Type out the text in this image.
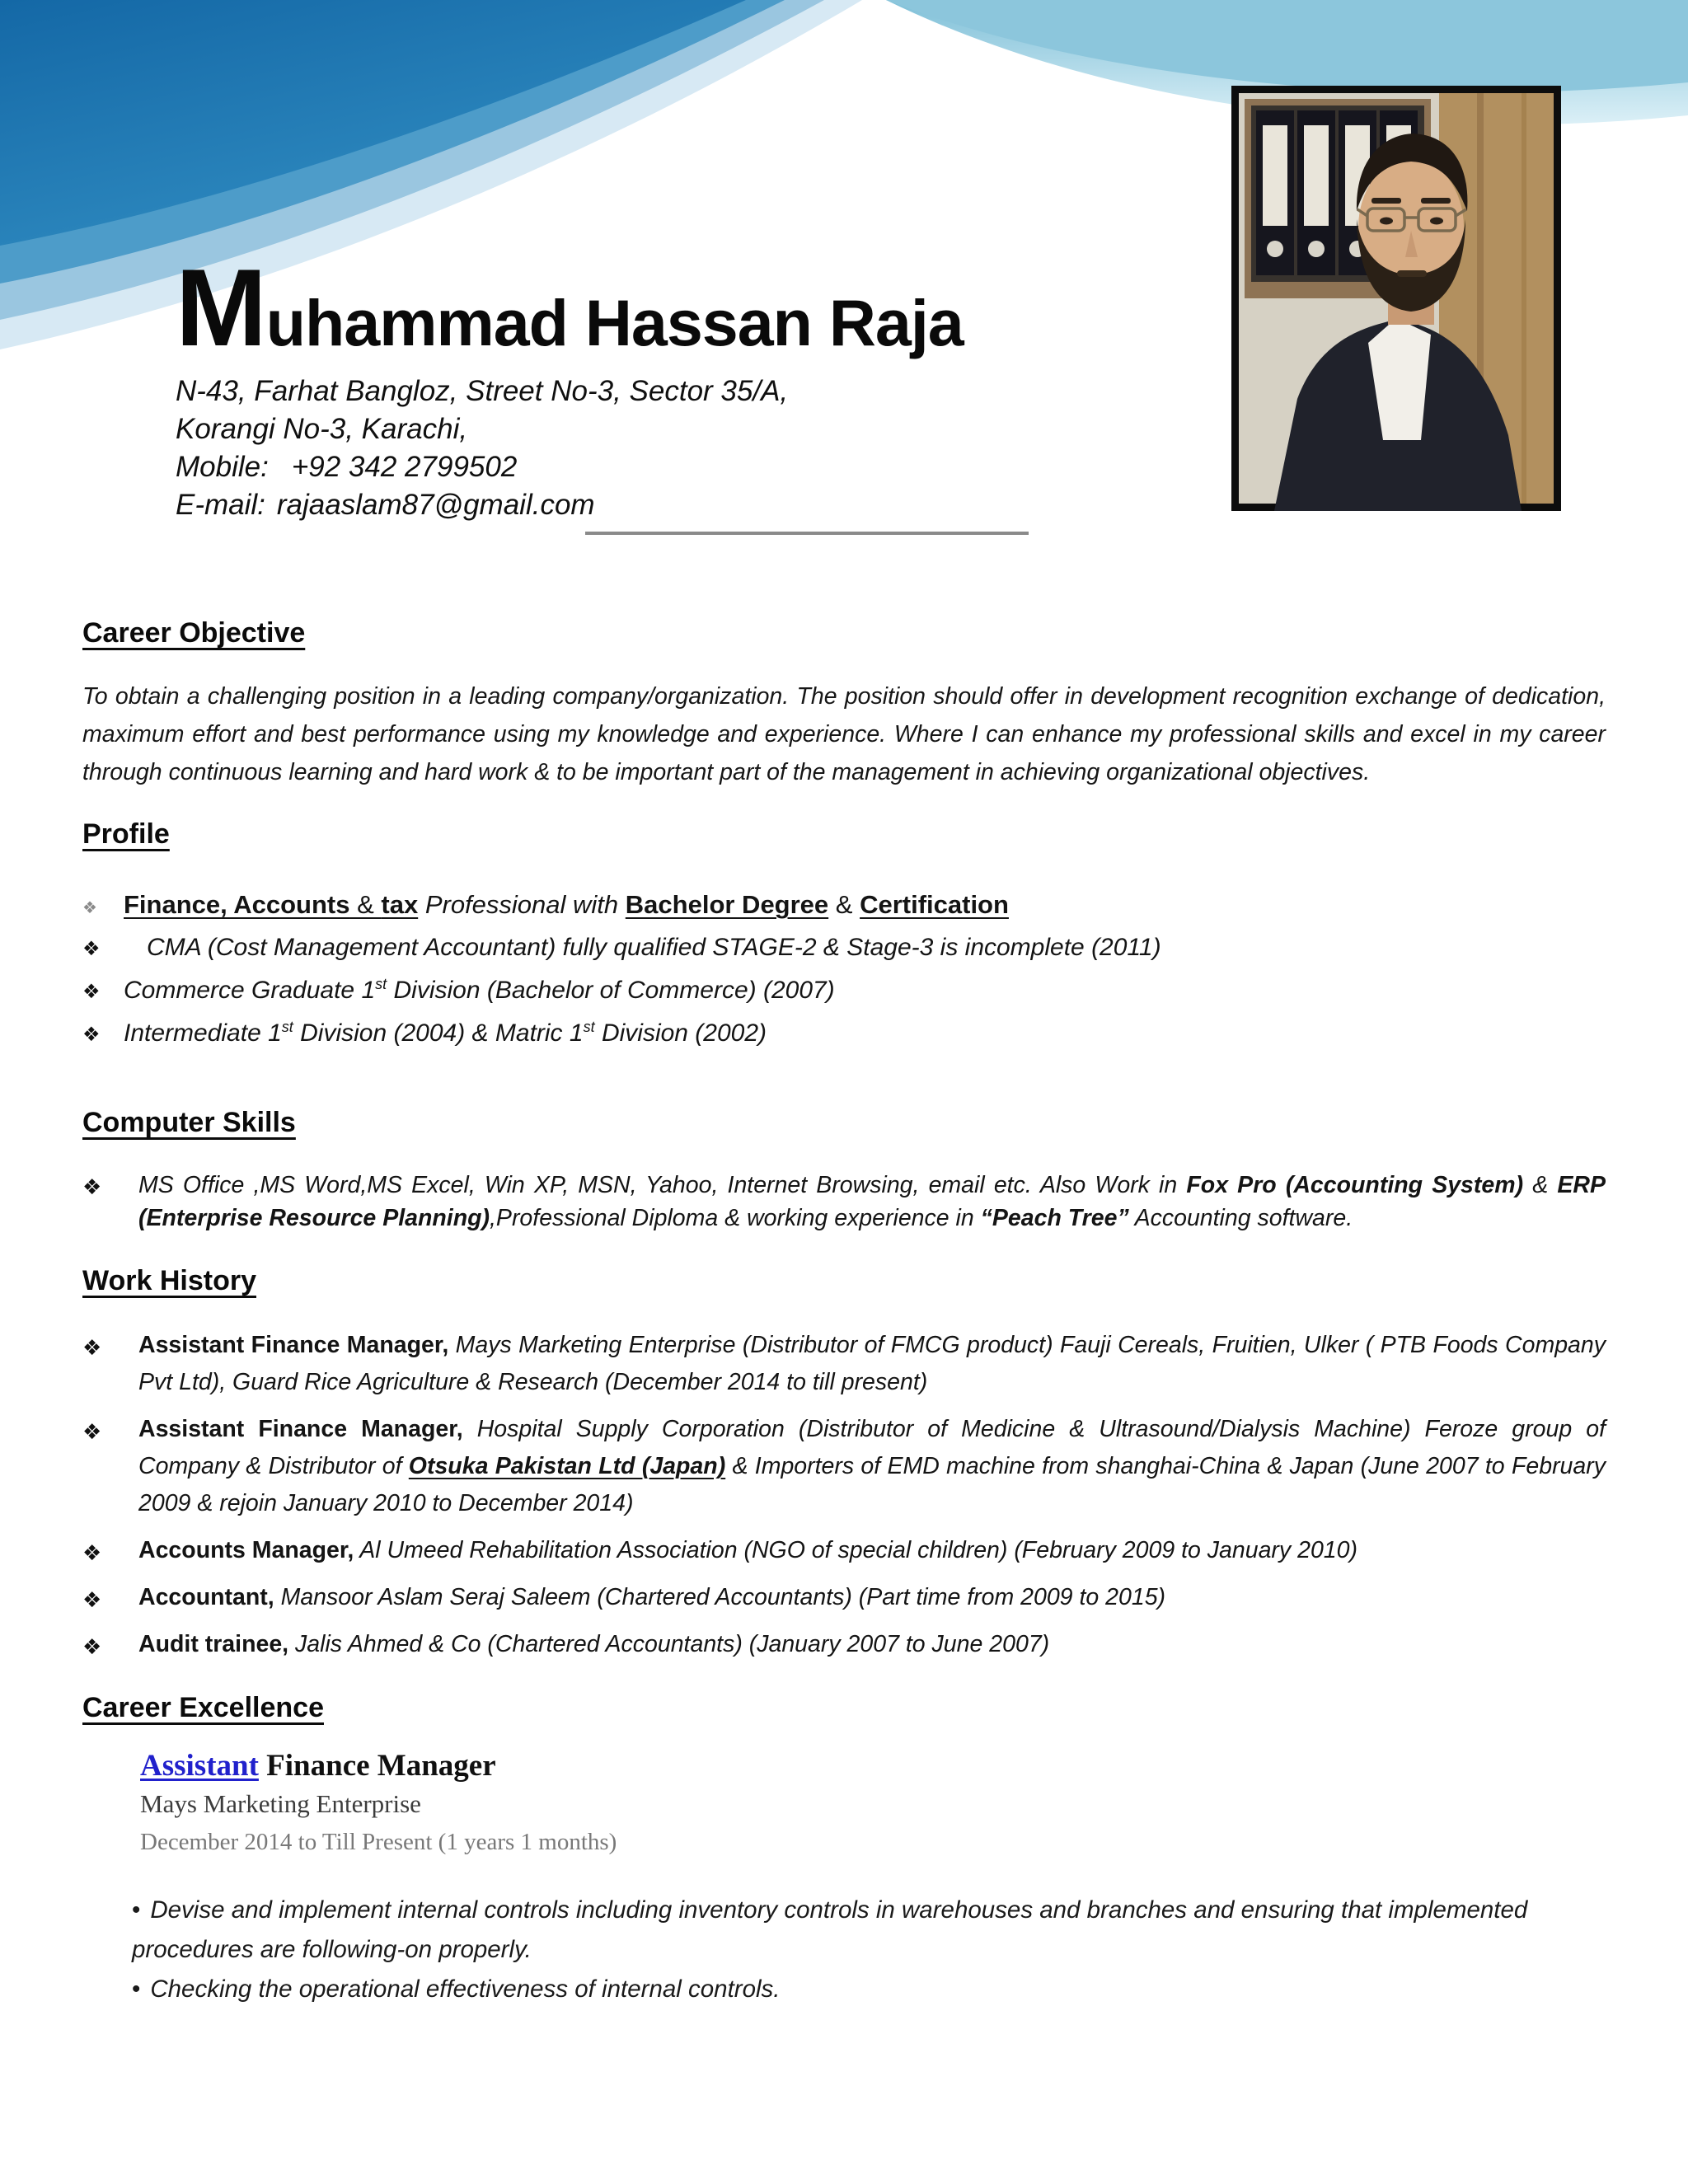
Muhammad Hassan Raja
N-43, Farhat Bangloz, Street No-3, Sector 35/A,
Korangi No-3, Karachi,
Mobile: +92 342 2799502
E-mail: rajaaslam87@gmail.com
Career Objective

To obtain a challenging position in a leading company/organization. The position should offer in development recognition exchange of dedication, maximum effort and best performance using my knowledge and experience. Where I can enhance my professional skills and excel in my career through continuous learning and hard work & to be important part of the management in achieving organizational objectives.

Profile
❖ Finance, Accounts & tax Professional with Bachelor Degree & Certification
❖ CMA (Cost Management Accountant) fully qualified STAGE-2 & Stage-3 is incomplete (2011)
❖ Commerce Graduate 1st Division (Bachelor of Commerce) (2007)
❖ Intermediate 1st Division (2004) & Matric 1st Division (2002)
Computer Skills
❖ MS Office ,MS Word,MS Excel, Win XP, MSN, Yahoo, Internet Browsing, email etc. Also Work in Fox Pro (Accounting System) & ERP (Enterprise Resource Planning),Professional Diploma & working experience in “Peach Tree” Accounting software.
Work History
❖ Assistant Finance Manager, Mays Marketing Enterprise (Distributor of FMCG product) Fauji Cereals, Fruitien, Ulker ( PTB Foods Company Pvt Ltd), Guard Rice Agriculture & Research (December 2014 to till present)
❖ Assistant Finance Manager, Hospital Supply Corporation (Distributor of Medicine & Ultrasound/Dialysis Machine) Feroze group of Company & Distributor of Otsuka Pakistan Ltd (Japan) & Importers of EMD machine from shanghai-China & Japan (June 2007 to February 2009 & rejoin January 2010 to December 2014)
❖ Accounts Manager, Al Umeed Rehabilitation Association (NGO of special children) (February 2009 to January 2010)
❖ Accountant, Mansoor Aslam Seraj Saleem (Chartered Accountants) (Part time from 2009 to 2015)
❖ Audit trainee, Jalis Ahmed & Co (Chartered Accountants) (January 2007 to June 2007)
Career Excellence
Assistant Finance Manager
Mays Marketing Enterprise
December 2014 to Till Present (1 years 1 months)
• Devise and implement internal controls including inventory controls in warehouses and branches and ensuring that implemented procedures are following-on properly.
• Checking the operational effectiveness of internal controls.
